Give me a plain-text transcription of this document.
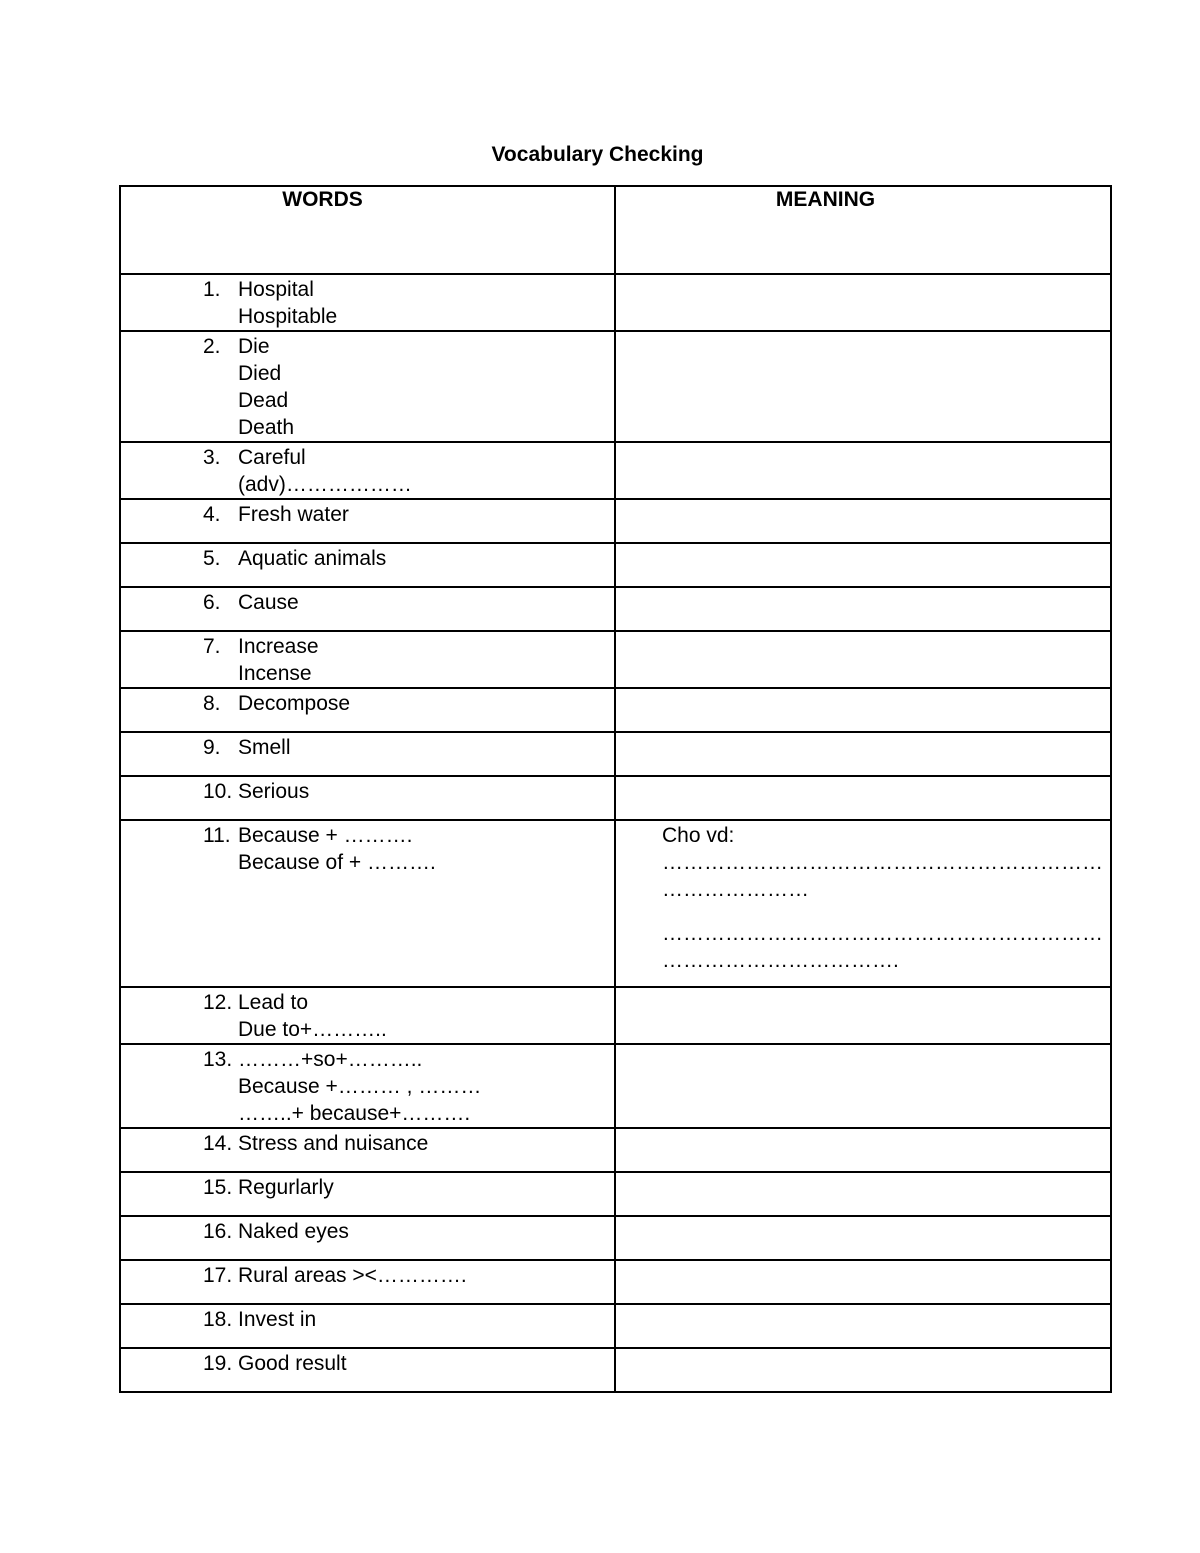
Vocabulary Checking
WORDS	MEANING

1. Hospital
Hospitable	

2. Die
Died
Dead
Death	

3. Careful
(adv)………………	

4. Fresh water	

5. Aquatic animals	

6. Cause	

7. Increase
Incense	

8. Decompose	

9. Smell	

10. Serious	

11. Because + ……….
Because of + ……….	Cho vd:
………………………………………………………
…………………
………………………………………………………
…………………………….

12. Lead to
Due to+………..	

13. ………+so+………..
Because +……… , ………
……..+ because+……….	

14. Stress and nuisance	

15. Regurlarly	

16. Naked eyes	

17. Rural areas ><………….	

18. Invest in	

19. Good result	
